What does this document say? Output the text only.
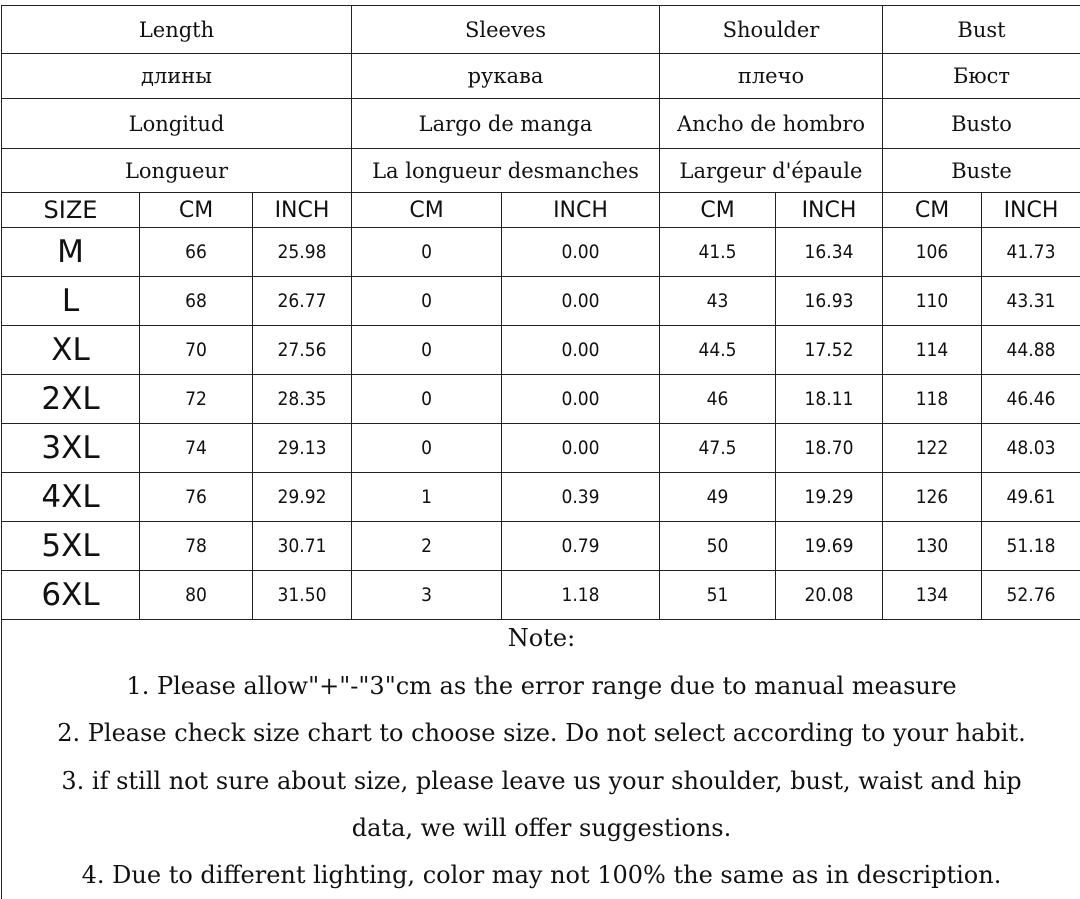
Length			Sleeves		Shoulder		Bust	
длины			рукава		плечо		Бюст	
Longitud			Largo de manga		Ancho de hombro		Busto	
Longueur			La longueur desmanches		Largeur d'épaule		Buste	
SIZE	CM	INCH	CM	INCH	CM	INCH	CM	INCH
M	66	25.98	0	0.00	41.5	16.34	106	41.73
L	68	26.77	0	0.00	43	16.93	110	43.31
XL	70	27.56	0	0.00	44.5	17.52	114	44.88
2XL	72	28.35	0	0.00	46	18.11	118	46.46
3XL	74	29.13	0	0.00	47.5	18.70	122	48.03
4XL	76	29.92	1	0.39	49	19.29	126	49.61
5XL	78	30.71	2	0.79	50	19.69	130	51.18
6XL	80	31.50	3	1.18	51	20.08	134	52.76
Note:
1. Please allow"+"-"3"cm as the error range due to manual measure
2. Please check size chart to choose size. Do not select according to your habit.
3. if still not sure about size, please leave us your shoulder, bust, waist and hip
data, we will offer suggestions.
4. Due to different lighting, color may not 100% the same as in description.
